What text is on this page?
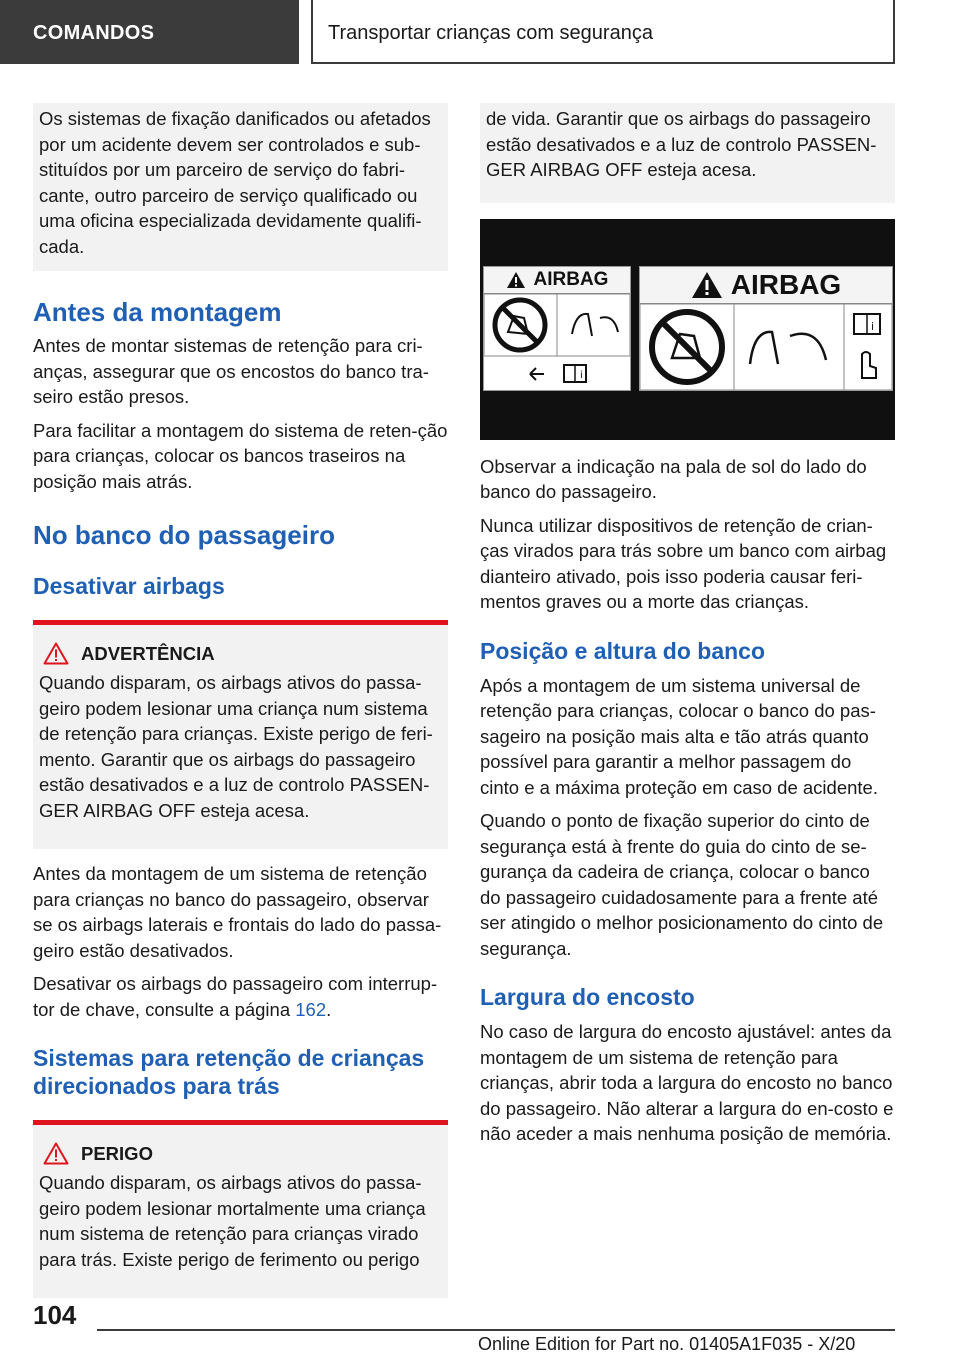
COMANDOS	Transportar crianças com segurança

Os sistemas de fixação danificados ou afetados por um acidente devem ser controlados e sub-stituídos por um parceiro de serviço do fabri-cante, outro parceiro de serviço qualificado ou uma oficina especializada devidamente qualifi-cada.

Antes da montagem

Antes de montar sistemas de retenção para cri-anças, assegurar que os encostos do banco tra-seiro estão presos.

Para facilitar a montagem do sistema de reten-ção para crianças, colocar os bancos traseiros na posição mais atrás.

No banco do passageiro
Desativar airbags
ADVERTÊNCIA

Quando disparam, os airbags ativos do passa-geiro podem lesionar uma criança num sistema de retenção para crianças. Existe perigo de feri-mento. Garantir que os airbags do passageiro estão desativados e a luz de controlo PASSEN-GER AIRBAG OFF esteja acesa.

Antes da montagem de um sistema de retenção para crianças no banco do passageiro, observar se os airbags laterais e frontais do lado do passa-geiro estão desativados.

Desativar os airbags do passageiro com interrup-tor de chave, consulte a página 162.

Sistemas para retenção de crianças direcionados para trás
PERIGO

Quando disparam, os airbags ativos do passa-geiro podem lesionar mortalmente uma criança num sistema de retenção para crianças virado para trás. Existe perigo de ferimento ou perigo

de vida. Garantir que os airbags do passageiro estão desativados e a luz de controlo PASSEN-GER AIRBAG OFF esteja acesa.

AIRBAG
i
AIRBAG
i

Observar a indicação na pala de sol do lado do banco do passageiro.

Nunca utilizar dispositivos de retenção de crian-ças virados para trás sobre um banco com airbag dianteiro ativado, pois isso poderia causar feri-mentos graves ou a morte das crianças.

Posição e altura do banco

Após a montagem de um sistema universal de retenção para crianças, colocar o banco do pas-sageiro na posição mais alta e tão atrás quanto possível para garantir a melhor passagem do cinto e a máxima proteção em caso de acidente.

Quando o ponto de fixação superior do cinto de segurança está à frente do guia do cinto de se-gurança da cadeira de criança, colocar o banco do passageiro cuidadosamente para a frente até ser atingido o melhor posicionamento do cinto de segurança.

Largura do encosto

No caso de largura do encosto ajustável: antes da montagem de um sistema de retenção para crianças, abrir toda a largura do encosto no banco do passageiro. Não alterar a largura do en-costo e não aceder a mais nenhuma posição de memória.

104
Online Edition for Part no. 01405A1F035 - X/20
